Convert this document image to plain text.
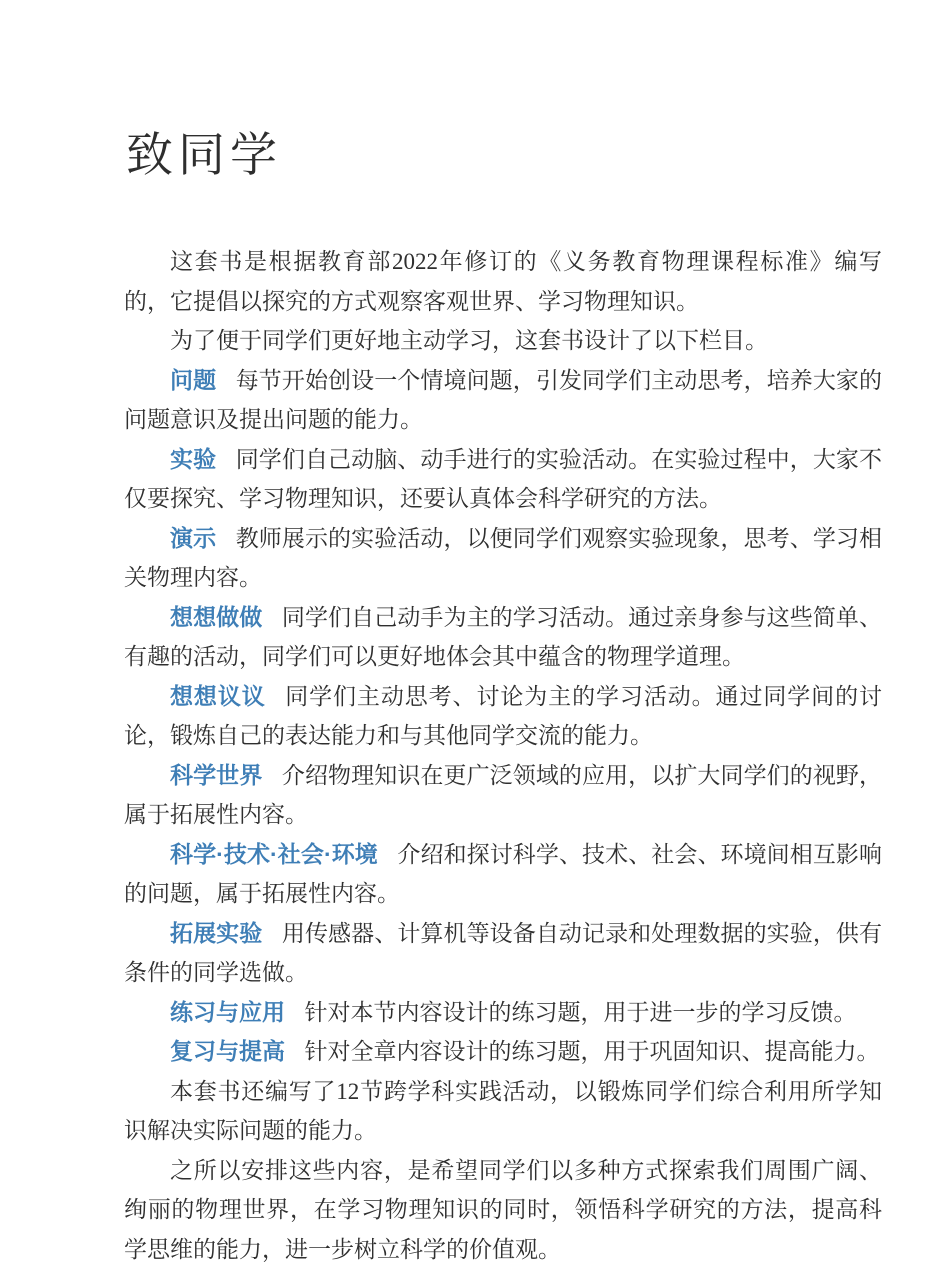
致同学

这套书是根据教育部2022年修订的《义务教育物理课程标准》编写的，它提倡以探究的方式观察客观世界、学习物理知识。

为了便于同学们更好地主动学习，这套书设计了以下栏目。

问题 每节开始创设一个情境问题，引发同学们主动思考，培养大家的问题意识及提出问题的能力。

实验 同学们自己动脑、动手进行的实验活动。在实验过程中，大家不仅要探究、学习物理知识，还要认真体会科学研究的方法。

演示 教师展示的实验活动，以便同学们观察实验现象，思考、学习相关物理内容。

想想做做 同学们自己动手为主的学习活动。通过亲身参与这些简单、有趣的活动，同学们可以更好地体会其中蕴含的物理学道理。

想想议议 同学们主动思考、讨论为主的学习活动。通过同学间的讨论，锻炼自己的表达能力和与其他同学交流的能力。

科学世界 介绍物理知识在更广泛领域的应用，以扩大同学们的视野，属于拓展性内容。

科学·技术·社会·环境 介绍和探讨科学、技术、社会、环境间相互影响的问题，属于拓展性内容。

拓展实验 用传感器、计算机等设备自动记录和处理数据的实验，供有条件的同学选做。

练习与应用 针对本节内容设计的练习题，用于进一步的学习反馈。

复习与提高 针对全章内容设计的练习题，用于巩固知识、提高能力。

本套书还编写了12节跨学科实践活动，以锻炼同学们综合利用所学知识解决实际问题的能力。

之所以安排这些内容，是希望同学们以多种方式探索我们周围广阔、绚丽的物理世界，在学习物理知识的同时，领悟科学研究的方法，提高科学思维的能力，进一步树立科学的价值观。
